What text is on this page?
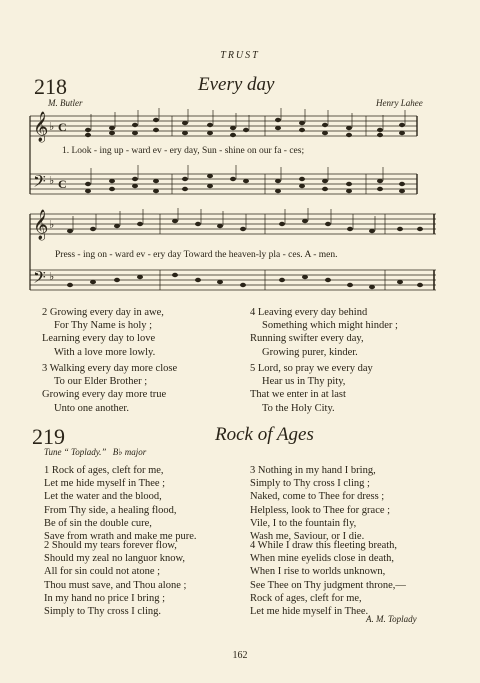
TRUST
218	Every day
M. Butler	Henry Lahee
𝄞
𝄢
♭
♭
C
C
1. Look - ing up - ward ev - ery day, Sun - shine on our fa - ces;
𝄞
𝄢
♭
♭
Press - ing on - ward ev - ery day Toward the heaven-ly pla - ces. A - men.
2 Growing every day in awe,
For Thy Name is holy ;
Learning every day to love
With a love more lowly.
3 Walking every day more close
To our Elder Brother ;
Growing every day more true
Unto one another.
4 Leaving every day behind
Something which might hinder ;
Running swifter every day,
Growing purer, kinder.
5 Lord, so pray we every day
Hear us in Thy pity,
That we enter in at last
To the Holy City.
219	Rock of Ages
Tune “ Toplady.” B♭ major
1 Rock of ages, cleft for me,
Let me hide myself in Thee ;
Let the water and the blood,
From Thy side, a healing flood,
Be of sin the double cure,
Save from wrath and make me pure.
2 Should my tears forever flow,
Should my zeal no languor know,
All for sin could not atone ;
Thou must save, and Thou alone ;
In my hand no price I bring ;
Simply to Thy cross I cling.
3 Nothing in my hand I bring,
Simply to Thy cross I cling ;
Naked, come to Thee for dress ;
Helpless, look to Thee for grace ;
Vile, I to the fountain fly,
Wash me, Saviour, or I die.
4 While I draw this fleeting breath,
When mine eyelids close in death,
When I rise to worlds unknown,
See Thee on Thy judgment throne,—
Rock of ages, cleft for me,
Let me hide myself in Thee.
A. M. Toplady
162
